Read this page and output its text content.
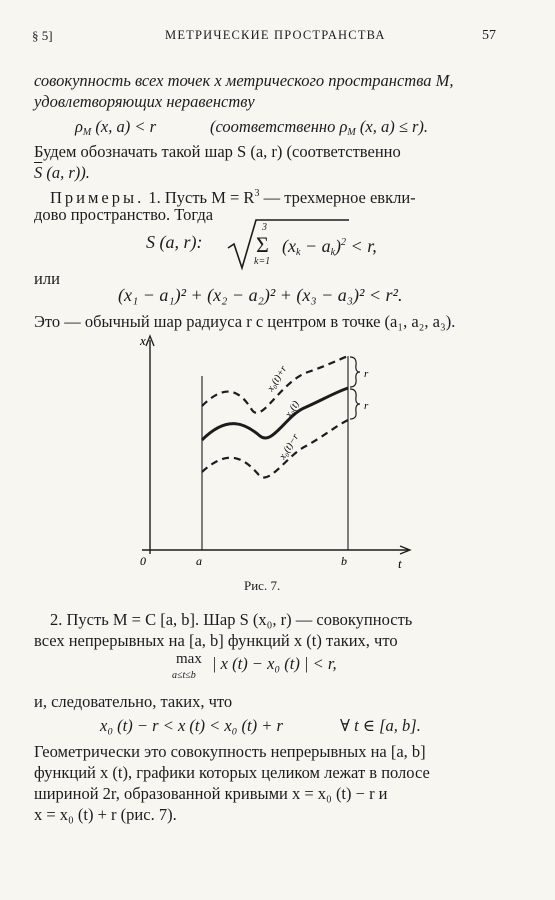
§ 5]	МЕТРИЧЕСКИЕ ПРОСТРАНСТВА	57
совокупность всех точек x метрического пространства M,
удовлетворяющих неравенству
$\rho_M$ (x, a) < r	(соответственно $\rho_M$ (x, a) ≤ r).
Будем обозначать такой шар S (a, r) (соответственно
$\overline{S}$ (a, r)).
Примеры. 1. Пусть $M = R^3$ — трехмерное евкли-
дово пространство. Тогда
S (a, r):
3
Σ
k=1
$(x_k - a_k)^2 < r$,
или
(x₁ − a₁)² + (x₂ − a₂)² + (x₃ − a₃)² < r².
Это — обычный шар радиуса r с центром в точке (a₁, a₂, a₃).
x
t
0	a	b
r
r
x₀(t)+r
x₀(t)
x₀(t)−r
Рис. 7.
2. Пусть M = C [a, b]. Шар S (x₀, r) — совокупность
всех непрерывных на [a, b] функций x (t) таких, что
max
a≤t≤b
| x (t) − x₀ (t) | < r,
и, следовательно, таких, что
x₀ (t) − r < x (t) < x₀ (t) + r	∀ t ∈ [a, b].
Геометрически это совокупность непрерывных на [a, b]
функций x (t), графики которых целиком лежат в полосе
шириной 2r, образованной кривыми x = x₀ (t) − r и
x = x₀ (t) + r (рис. 7).
